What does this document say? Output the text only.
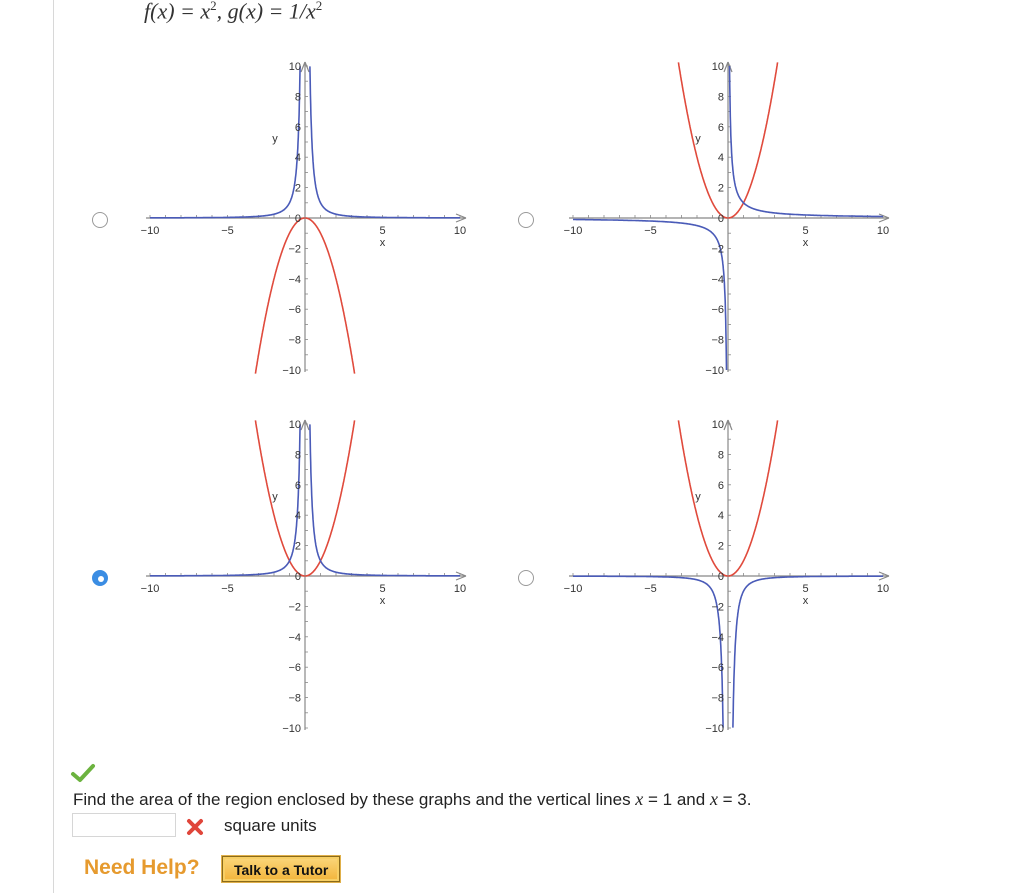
$f(x) = x^2$, $g(x) = 1/x^2$
−10	−5	5	10
10
8
6
4
2
0
−2
−4
−6
−8
−10
y
x
−10	−5	5	10
10
8
6
4
2
0
−2
−4
−6
−8
−10
y
x
−10	−5	5	10
10
8
6
4
2
0
−2
−4
−6
−8
−10
y
x
−10	−5	5	10
10
8
6
4
2
0
−2
−4
−6
−8
−10
y
x
Find the area of the region enclosed by these graphs and the vertical lines x = 1 and x = 3.
square units
Need Help?	Talk to a Tutor
